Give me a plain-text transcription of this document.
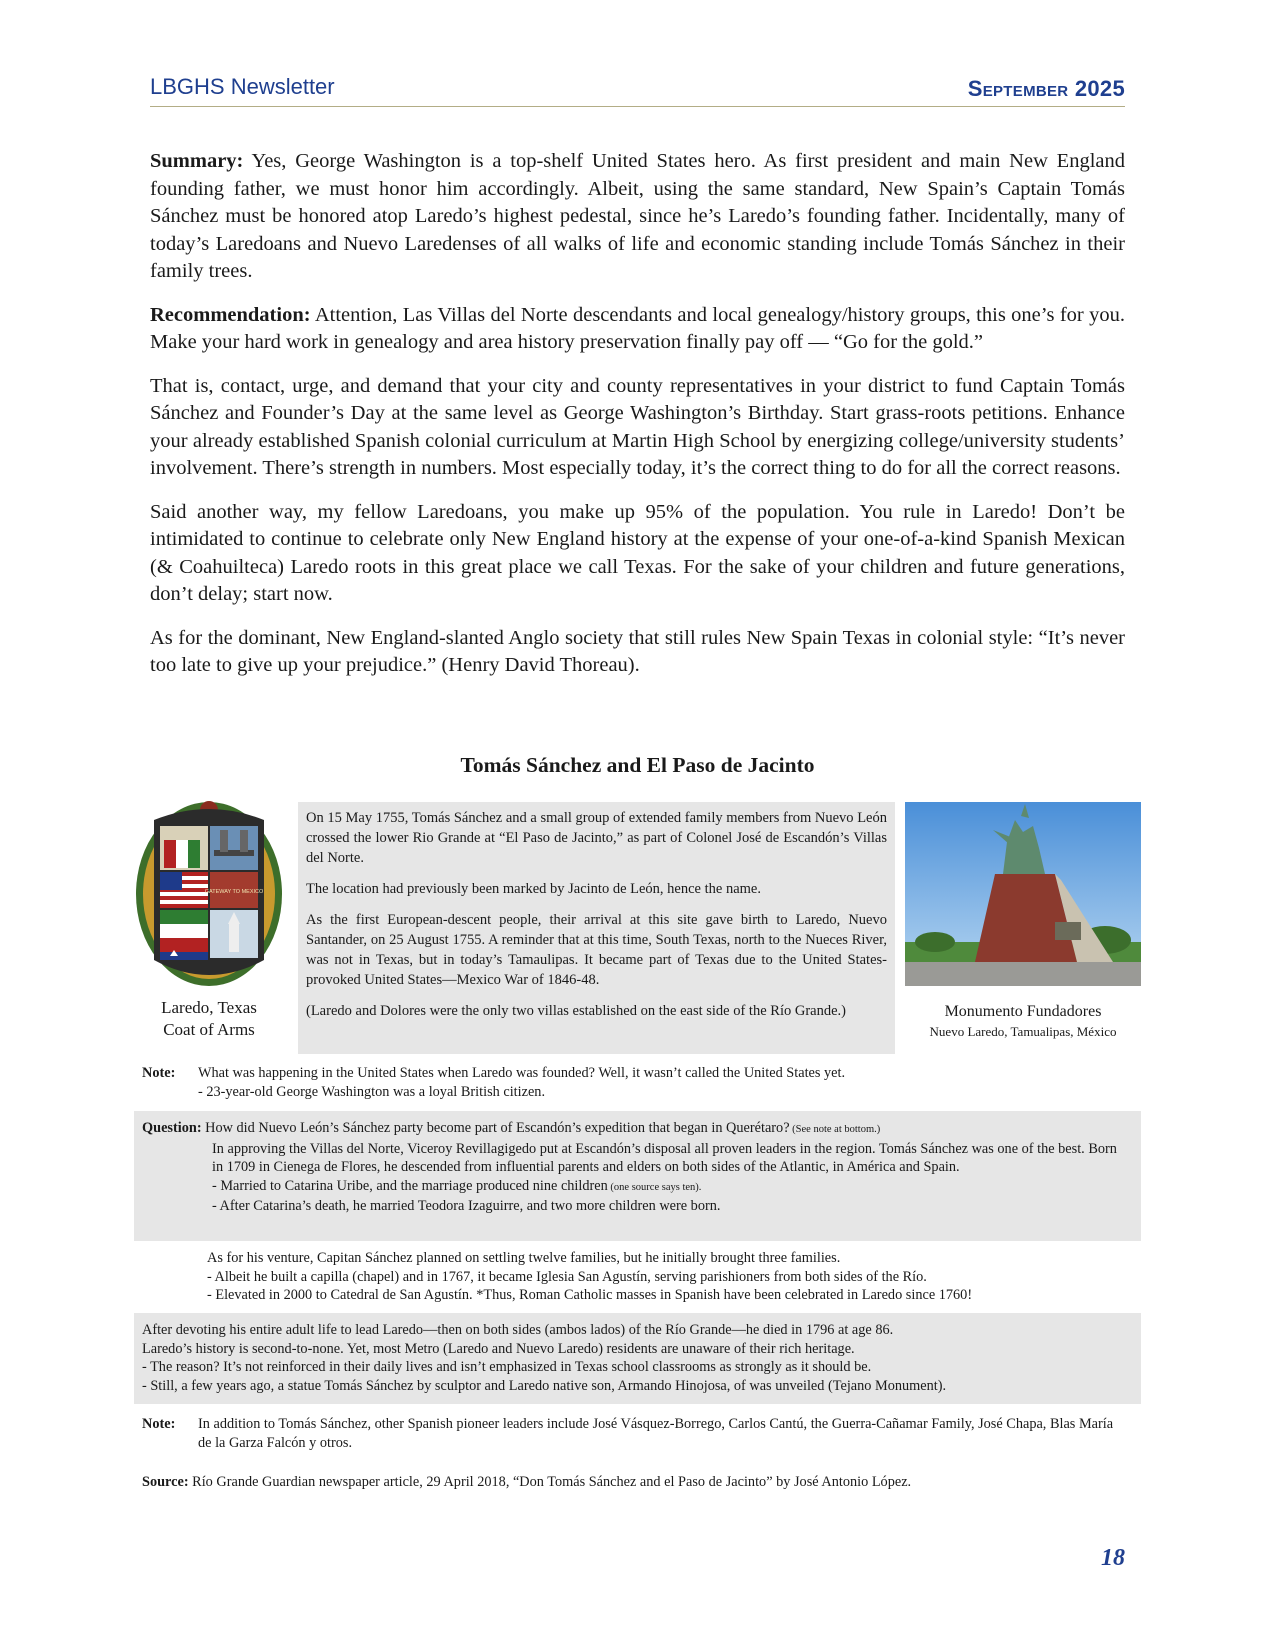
LBGHS Newsletter	September 2025

Summary: Yes, George Washington is a top-shelf United States hero. As first president and main New England founding father, we must honor him accordingly. Albeit, using the same standard, New Spain’s Captain Tomás Sánchez must be honored atop Laredo’s highest pedestal, since he’s Laredo’s founding father. Incidentally, many of today’s Laredoans and Nuevo Laredenses of all walks of life and economic standing include Tomás Sánchez in their family trees.

Recommendation: Attention, Las Villas del Norte descendants and local genealogy/history groups, this one’s for you. Make your hard work in genealogy and area history preservation finally pay off — “Go for the gold.”

That is, contact, urge, and demand that your city and county representatives in your district to fund Captain Tomás Sánchez and Founder’s Day at the same level as George Washington’s Birthday. Start grass-roots petitions. Enhance your already established Spanish colonial curriculum at Martin High School by energizing college/university students’ involvement. There’s strength in numbers. Most especially today, it’s the correct thing to do for all the correct reasons.

Said another way, my fellow Laredoans, you make up 95% of the population. You rule in Laredo! Don’t be intimidated to continue to celebrate only New England history at the expense of your one-of-a-kind Spanish Mexican (& Coahuilteca) Laredo roots in this great place we call Texas. For the sake of your children and future generations, don’t delay; start now.

As for the dominant, New England-slanted Anglo society that still rules New Spain Texas in colonial style: “It’s never too late to give up your prejudice.” (Henry David Thoreau).

Tomás Sánchez and El Paso de Jacinto
GATEWAY TO MEXICO
Laredo, Texas
Coat of Arms

On 15 May 1755, Tomás Sánchez and a small group of extended family members from Nuevo León crossed the lower Rio Grande at “El Paso de Jacinto,” as part of Colonel José de Escandón’s Villas del Norte.

The location had previously been marked by Jacinto de León, hence the name.

As the first European-descent people, their arrival at this site gave birth to Laredo, Nuevo Santander, on 25 August 1755. A reminder that at this time, South Texas, north to the Nueces River, was not in Texas, but in today’s Tamaulipas. It became part of Texas due to the United States-provoked United States—Mexico War of 1846-48.

(Laredo and Dolores were the only two villas established on the east side of the Río Grande.)	Monumento Fundadores
Nuevo Laredo, Tamualipas, México
Note:	What was happening in the United States when Laredo was founded? Well, it wasn’t called the United States yet.
- 23-year-old George Washington was a loyal British citizen.
Question: How did Nuevo León’s Sánchez party become part of Escandón’s expedition that began in Querétaro? (See note at bottom.)
In approving the Villas del Norte, Viceroy Revillagigedo put at Escandón’s disposal all proven leaders in the region. Tomás Sánchez was one of the best. Born in 1709 in Cienega de Flores, he descended from influential parents and elders on both sides of the Atlantic, in América and Spain.
- Married to Catarina Uribe, and the marriage produced nine children (one source says ten).
- After Catarina’s death, he married Teodora Izaguirre, and two more children were born.
As for his venture, Capitan Sánchez planned on settling twelve families, but he initially brought three families.
- Albeit he built a capilla (chapel) and in 1767, it became Iglesia San Agustín, serving parishioners from both sides of the Río.
- Elevated in 2000 to Catedral de San Agustín. *Thus, Roman Catholic masses in Spanish have been celebrated in Laredo since 1760!
After devoting his entire adult life to lead Laredo—then on both sides (ambos lados) of the Río Grande—he died in 1796 at age 86.
Laredo’s history is second-to-none. Yet, most Metro (Laredo and Nuevo Laredo) residents are unaware of their rich heritage.
- The reason? It’s not reinforced in their daily lives and isn’t emphasized in Texas school classrooms as strongly as it should be.
- Still, a few years ago, a statue Tomás Sánchez by sculptor and Laredo native son, Armando Hinojosa, of was unveiled (Tejano Monument).
Note:	In addition to Tomás Sánchez, other Spanish pioneer leaders include José Vásquez-Borrego, Carlos Cantú, the Guerra-Cañamar Family, José Chapa, Blas María de la Garza Falcón y otros.
Source: Río Grande Guardian newspaper article, 29 April 2018, “Don Tomás Sánchez and el Paso de Jacinto” by José Antonio López.
18
